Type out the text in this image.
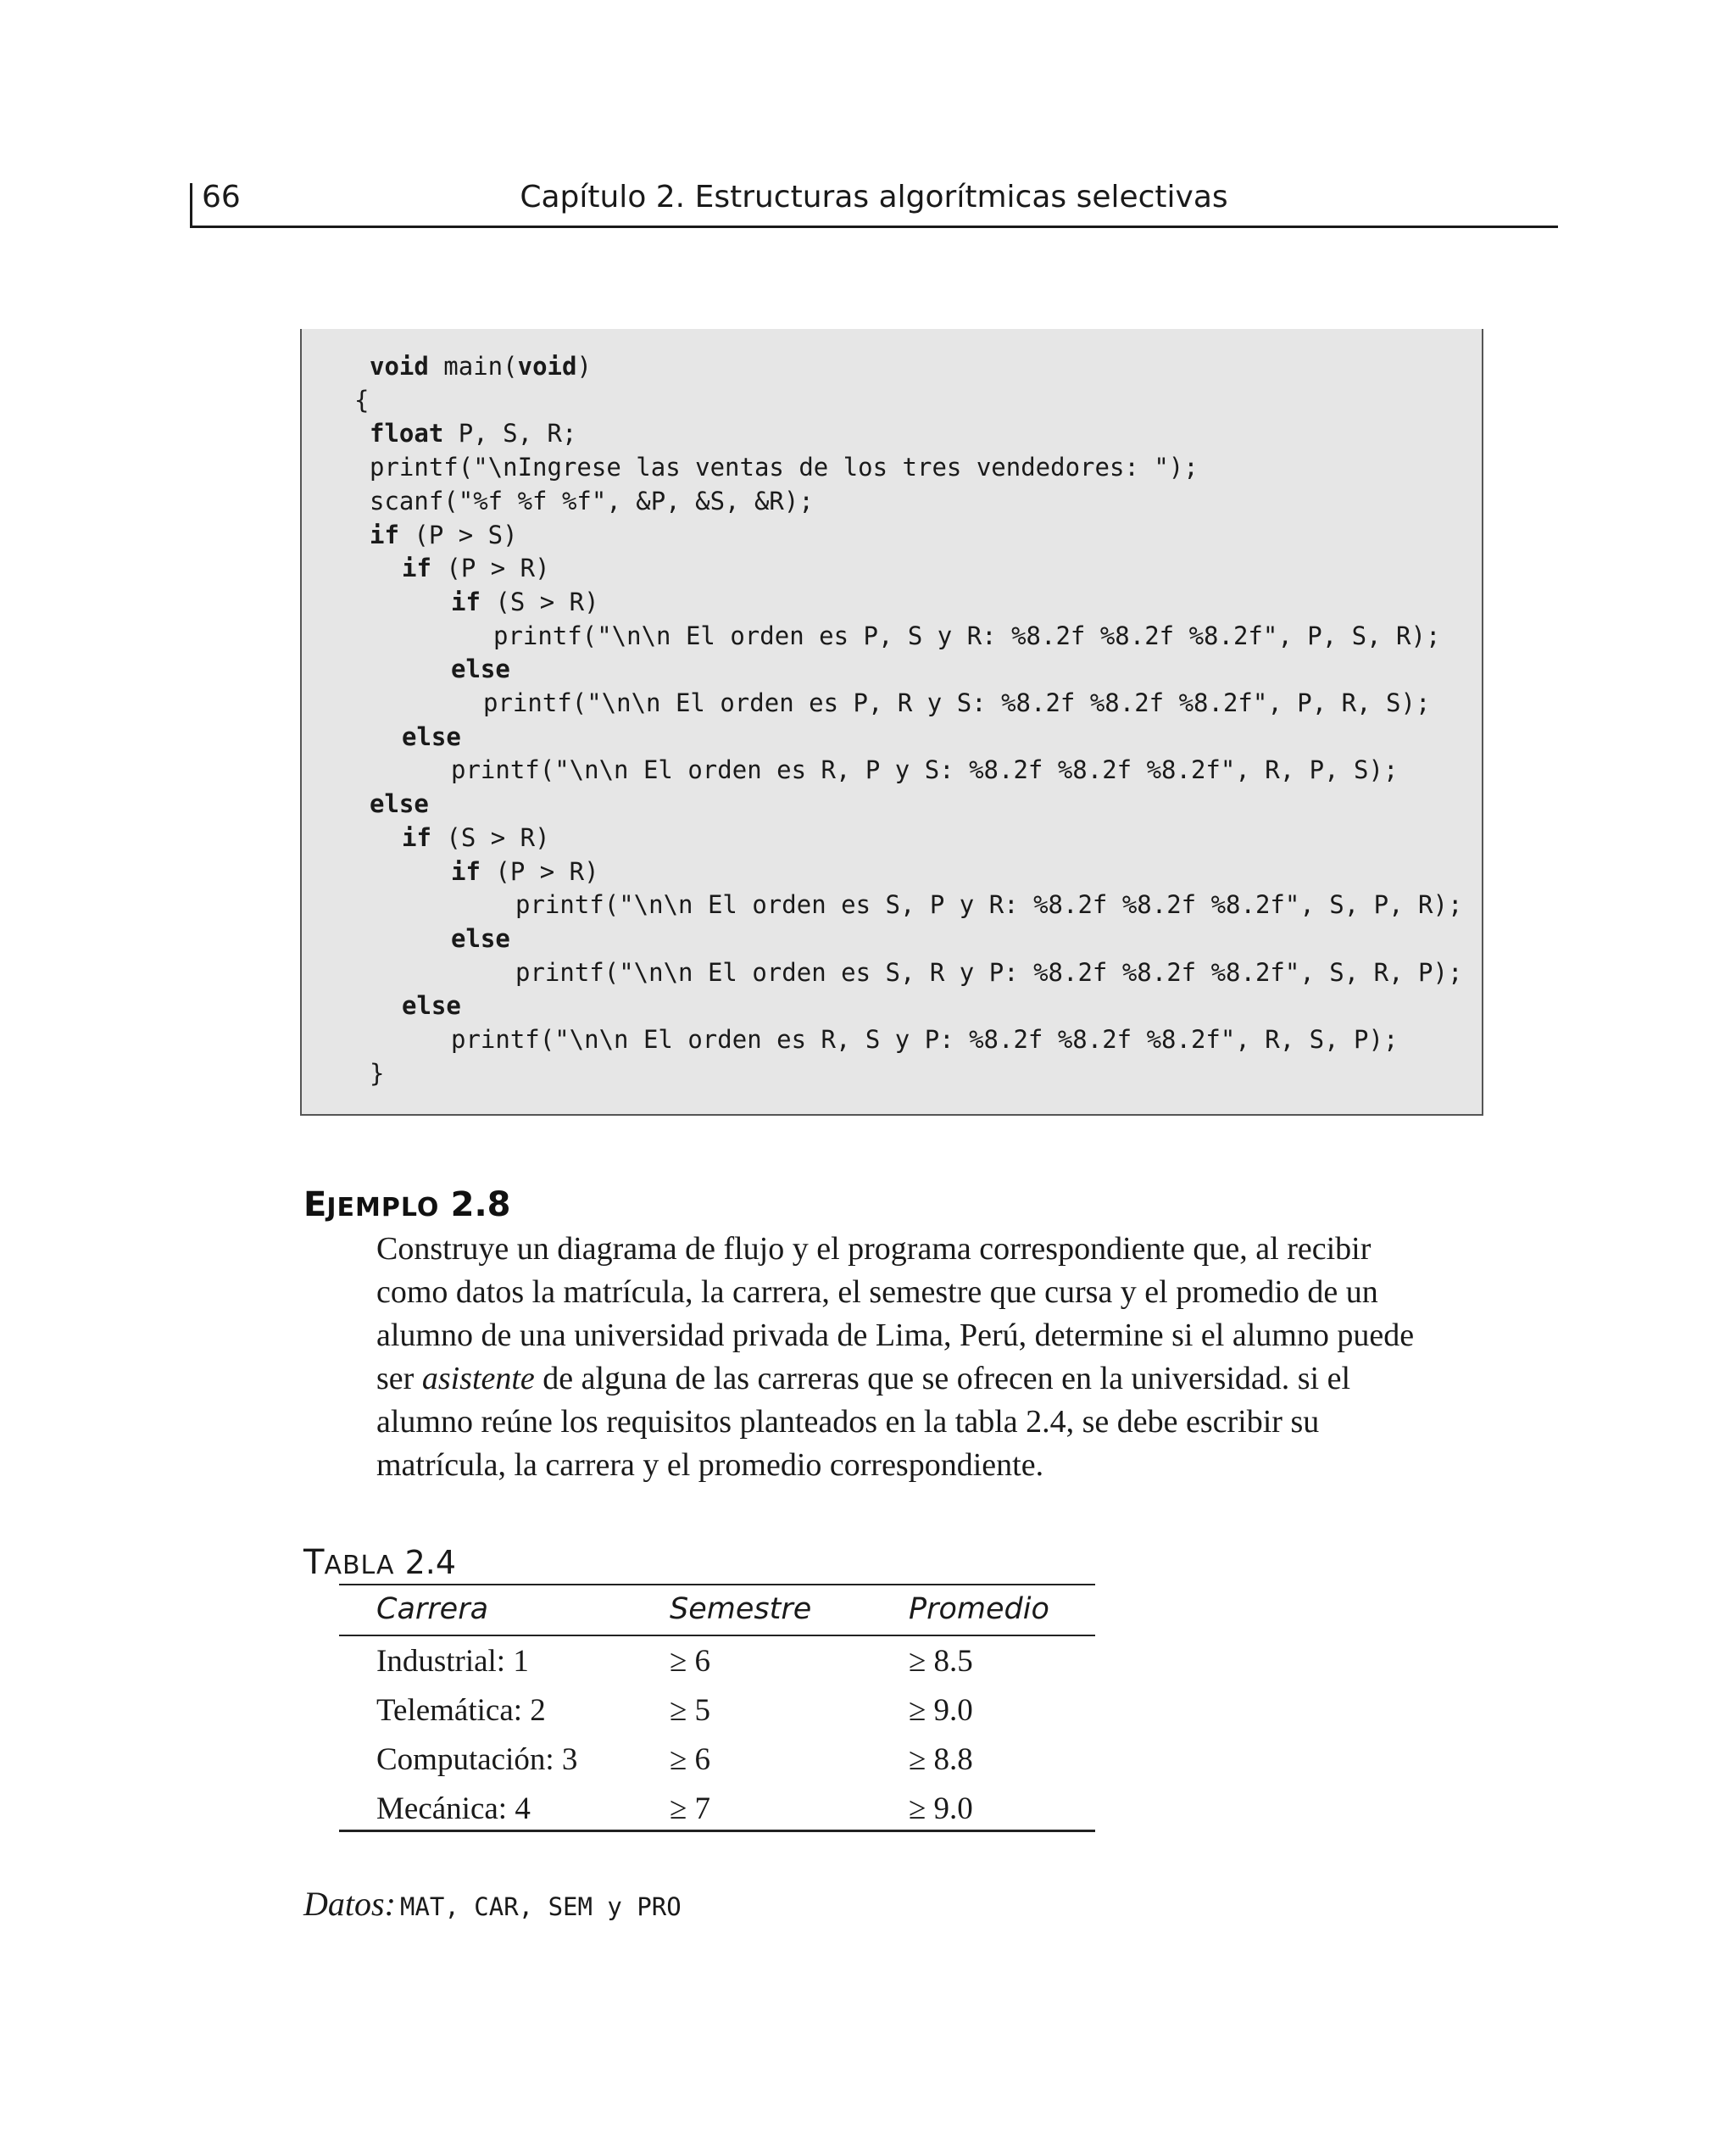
66	Capítulo 2. Estructuras algorítmicas selectivas
void main(void)
{
float P, S, R;
printf("\nIngrese las ventas de los tres vendedores: ");
scanf("%f %f %f", &P, &S, &R);
if (P > S)
if (P > R)
if (S > R)
printf("\n\n El orden es P, S y R: %8.2f %8.2f %8.2f", P, S, R);
else
printf("\n\n El orden es P, R y S: %8.2f %8.2f %8.2f", P, R, S);
else
printf("\n\n El orden es R, P y S: %8.2f %8.2f %8.2f", R, P, S);
else
if (S > R)
if (P > R)
printf("\n\n El orden es S, P y R: %8.2f %8.2f %8.2f", S, P, R);
else
printf("\n\n El orden es S, R y P: %8.2f %8.2f %8.2f", S, R, P);
else
printf("\n\n El orden es R, S y P: %8.2f %8.2f %8.2f", R, S, P);
}
EJEMPLO 2.8
Construye un diagrama de flujo y el programa correspondiente que, al recibir
como datos la matrícula, la carrera, el semestre que cursa y el promedio de un
alumno de una universidad privada de Lima, Perú, determine si el alumno puede
ser asistente de alguna de las carreras que se ofrecen en la universidad. si el
alumno reúne los requisitos planteados en la tabla 2.4, se debe escribir su
matrícula, la carrera y el promedio correspondiente.
TABLA 2.4
Carrera	Semestre	Promedio
Industrial: 1	≥ 6	≥ 8.5
Telemática: 2	≥ 5	≥ 9.0
Computación: 3	≥ 6	≥ 8.8
Mecánica: 4	≥ 7	≥ 9.0
Datos: MAT, CAR, SEM y PRO
